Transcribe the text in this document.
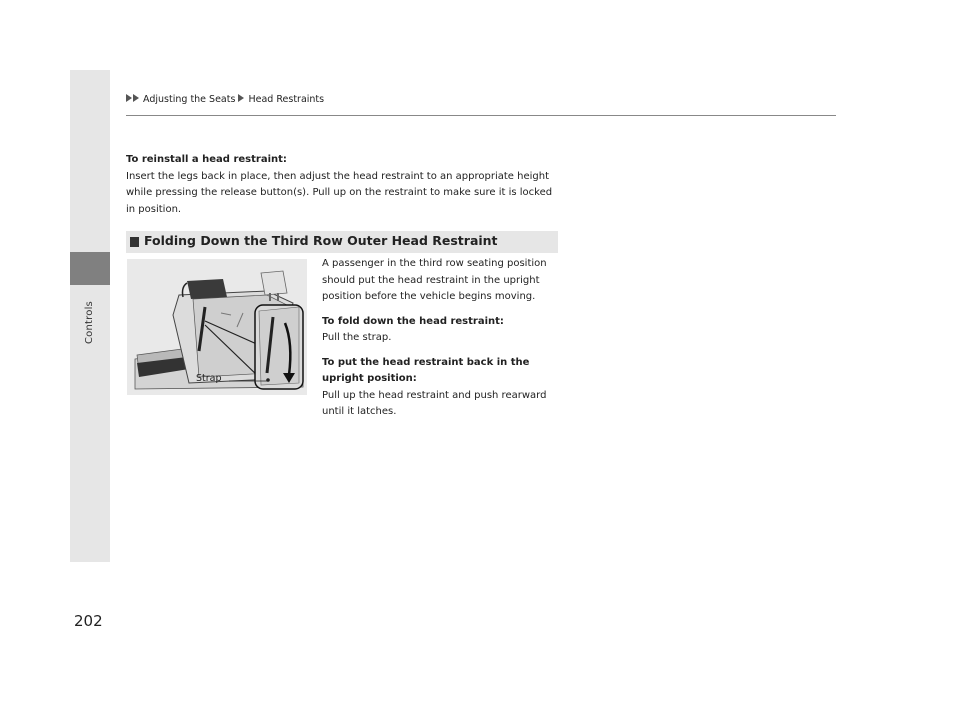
Controls
202
Adjusting the Seats Head Restraints
To reinstall a head restraint:
Insert the legs back in place, then adjust the head restraint to an appropriate height
while pressing the release button(s). Pull up on the restraint to make sure it is locked
in position.
Folding Down the Third Row Outer Head Restraint
Strap
A passenger in the third row seating position
should put the head restraint in the upright
position before the vehicle begins moving.
To fold down the head restraint:
Pull the strap.
To put the head restraint back in the
upright position:
Pull up the head restraint and push rearward
until it latches.
